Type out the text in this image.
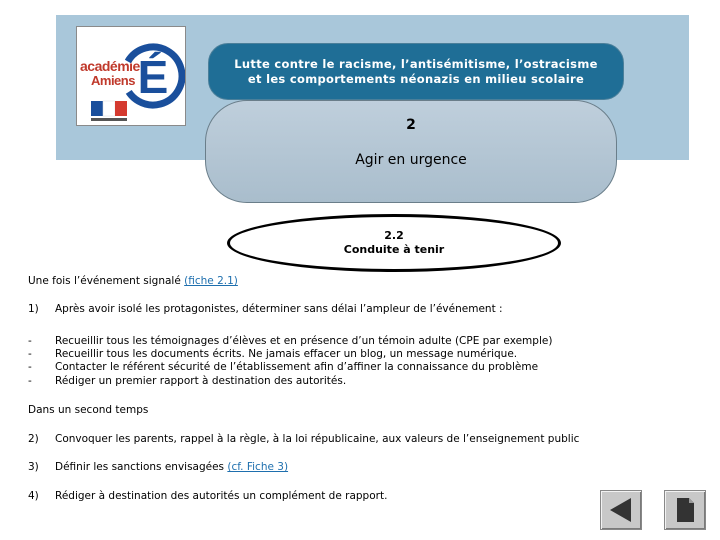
académie
Amiens É	Lutte contre le racisme, l’antisémitisme, l’ostracisme
et les comportements néonazis en milieu scolaire
2
Agir en urgence
2.2
Conduite à tenir
Une fois l’événement signalé (fiche 2.1)
1) Après avoir isolé les protagonistes, déterminer sans délai l’ampleur de l’événement :
- Recueillir tous les témoignages d’élèves et en présence d’un témoin adulte (CPE par exemple)
- Recueillir tous les documents écrits. Ne jamais effacer un blog, un message numérique.
- Contacter le référent sécurité de l’établissement afin d’affiner la connaissance du problème
- Rédiger un premier rapport à destination des autorités.
Dans un second temps
2) Convoquer les parents, rappel à la règle, à la loi républicaine, aux valeurs de l’enseignement public
3) Définir les sanctions envisagées (cf. Fiche 3)
4) Rédiger à destination des autorités un complément de rapport.
